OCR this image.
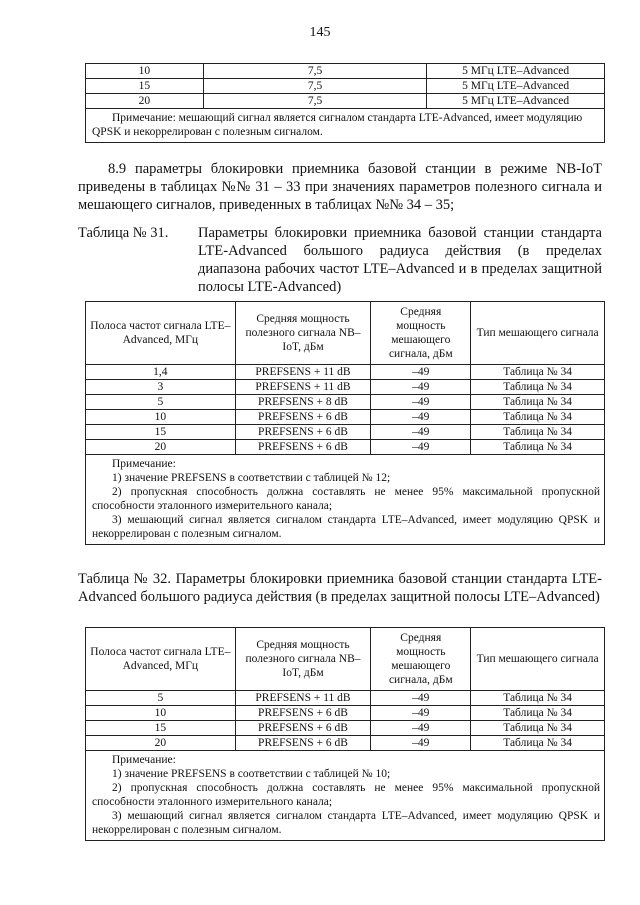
145
10	7,5	5 МГц LTE–Advanced
15	7,5	5 МГц LTE–Advanced
20	7,5	5 МГц LTE–Advanced

Примечание: мешающий сигнал является сигналом стандарта LTE-Advanced, имеет модуляцию QPSK и некоррелирован с полезным сигналом.		

8.9 параметры блокировки приемника базовой станции в режиме NB-IoT приведены в таблицах №№ 31 – 33 при значениях параметров полезного сигнала и мешающего сигналов, приведенных в таблицах №№ 34 – 35;

Таблица № 31. Параметры блокировки приемника базовой станции стандарта LTE-Advanced большого радиуса действия (в пределах диапазона рабочих частот LTE–Advanced и в пределах защитной полосы LTE-Advanced)
Полоса частот сигнала LTE–Advanced, МГц	Средняя мощность полезного сигнала NB–IoT, дБм	Средняя мощность мешающего сигнала, дБм	Тип мешающего сигнала
1,4	PREFSENS + 11 dB	–49	Таблица № 34
3	PREFSENS + 11 dB	–49	Таблица № 34
5	PREFSENS + 8 dB	–49	Таблица № 34
10	PREFSENS + 6 dB	–49	Таблица № 34
15	PREFSENS + 6 dB	–49	Таблица № 34
20	PREFSENS + 6 dB	–49	Таблица № 34

Примечание:

1) значение PREFSENS в соответствии с таблицей № 12;

2) пропускная способность должна составлять не менее 95% максимальной пропускной способности эталонного измерительного канала;

3) мешающий сигнал является сигналом стандарта LTE–Advanced, имеет модуляцию QPSK и некоррелирован с полезным сигналом.			

Таблица № 32. Параметры блокировки приемника базовой станции стандарта LTE-Advanced большого радиуса действия (в пределах защитной полосы LTE–Advanced)
Полоса частот сигнала LTE–Advanced, МГц	Средняя мощность полезного сигнала NB–IoT, дБм	Средняя мощность мешающего сигнала, дБм	Тип мешающего сигнала
5	PREFSENS + 11 dB	–49	Таблица № 34
10	PREFSENS + 6 dB	–49	Таблица № 34
15	PREFSENS + 6 dB	–49	Таблица № 34
20	PREFSENS + 6 dB	–49	Таблица № 34

Примечание:

1) значение PREFSENS в соответствии с таблицей № 10;

2) пропускная способность должна составлять не менее 95% максимальной пропускной способности эталонного измерительного канала;

3) мешающий сигнал является сигналом стандарта LTE–Advanced, имеет модуляцию QPSK и некоррелирован с полезным сигналом.			
